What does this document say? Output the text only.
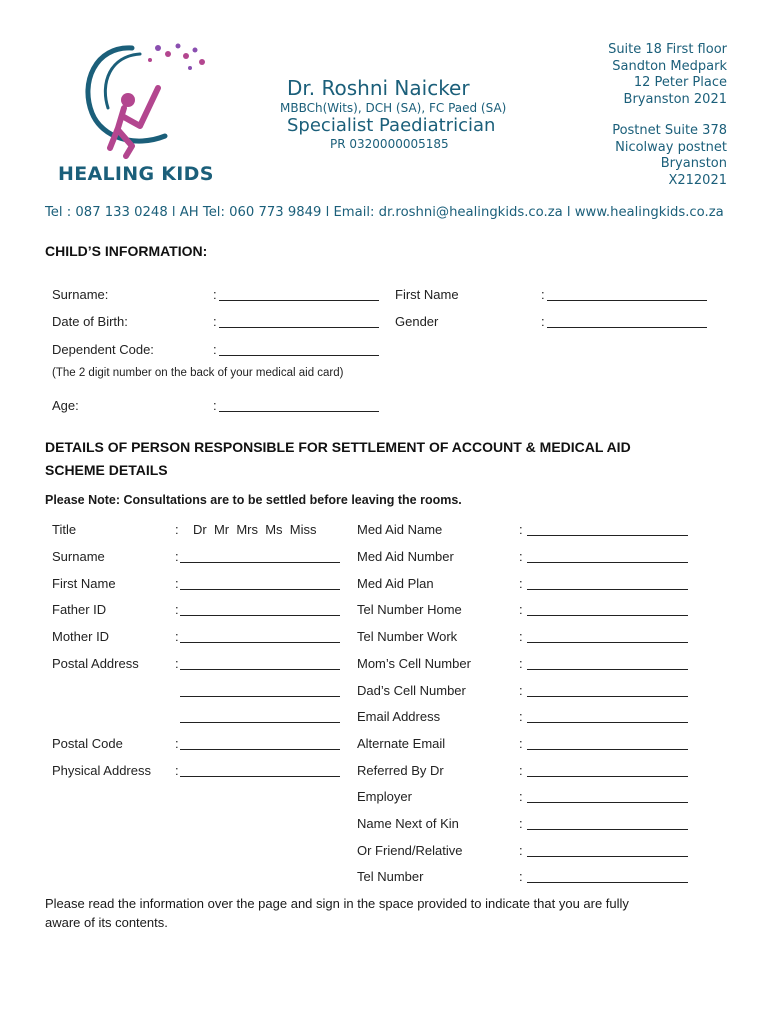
HEALING KIDS
Dr. Roshni Naicker
MBBCh(Wits), DCH (SA), FC Paed (SA)
Specialist Paediatrician
PR 0320000005185
Suite 18 First floor
Sandton Medpark
12 Peter Place
Bryanston 2021
Postnet Suite 378
Nicolway postnet
Bryanston
X212021
Tel : 087 133 0248 l AH Tel: 060 773 9849 l Email: dr.roshni@healingkids.co.za l www.healingkids.co.za
CHILD’S INFORMATION:
Surname:	:	First Name	:
Date of Birth:	:	Gender	:
Dependent Code:	:
(The 2 digit number on the back of your medical aid card)
Age:	:
DETAILS OF PERSON RESPONSIBLE FOR SETTLEMENT OF ACCOUNT & MEDICAL AID
SCHEME DETAILS
Please Note: Consultations are to be settled before leaving the rooms.
Title	: Dr  Mr  Mrs  Ms  Miss
Surname	:
First Name	:
Father ID	:
Mother ID	:
Postal Address	:
Postal Code	:
Physical Address :
Med Aid Name	:
Med Aid Number	:
Med Aid Plan	:
Tel Number Home	:
Tel Number Work	:
Mom’s Cell Number	:
Dad’s Cell Number	:
Email Address	:
Alternate Email	:
Referred By Dr	:
Employer	:
Name Next of Kin	:
Or Friend/Relative	:
Tel Number	:
Please read the information over the page and sign in the space provided to indicate that you are fully
aware of its contents.
